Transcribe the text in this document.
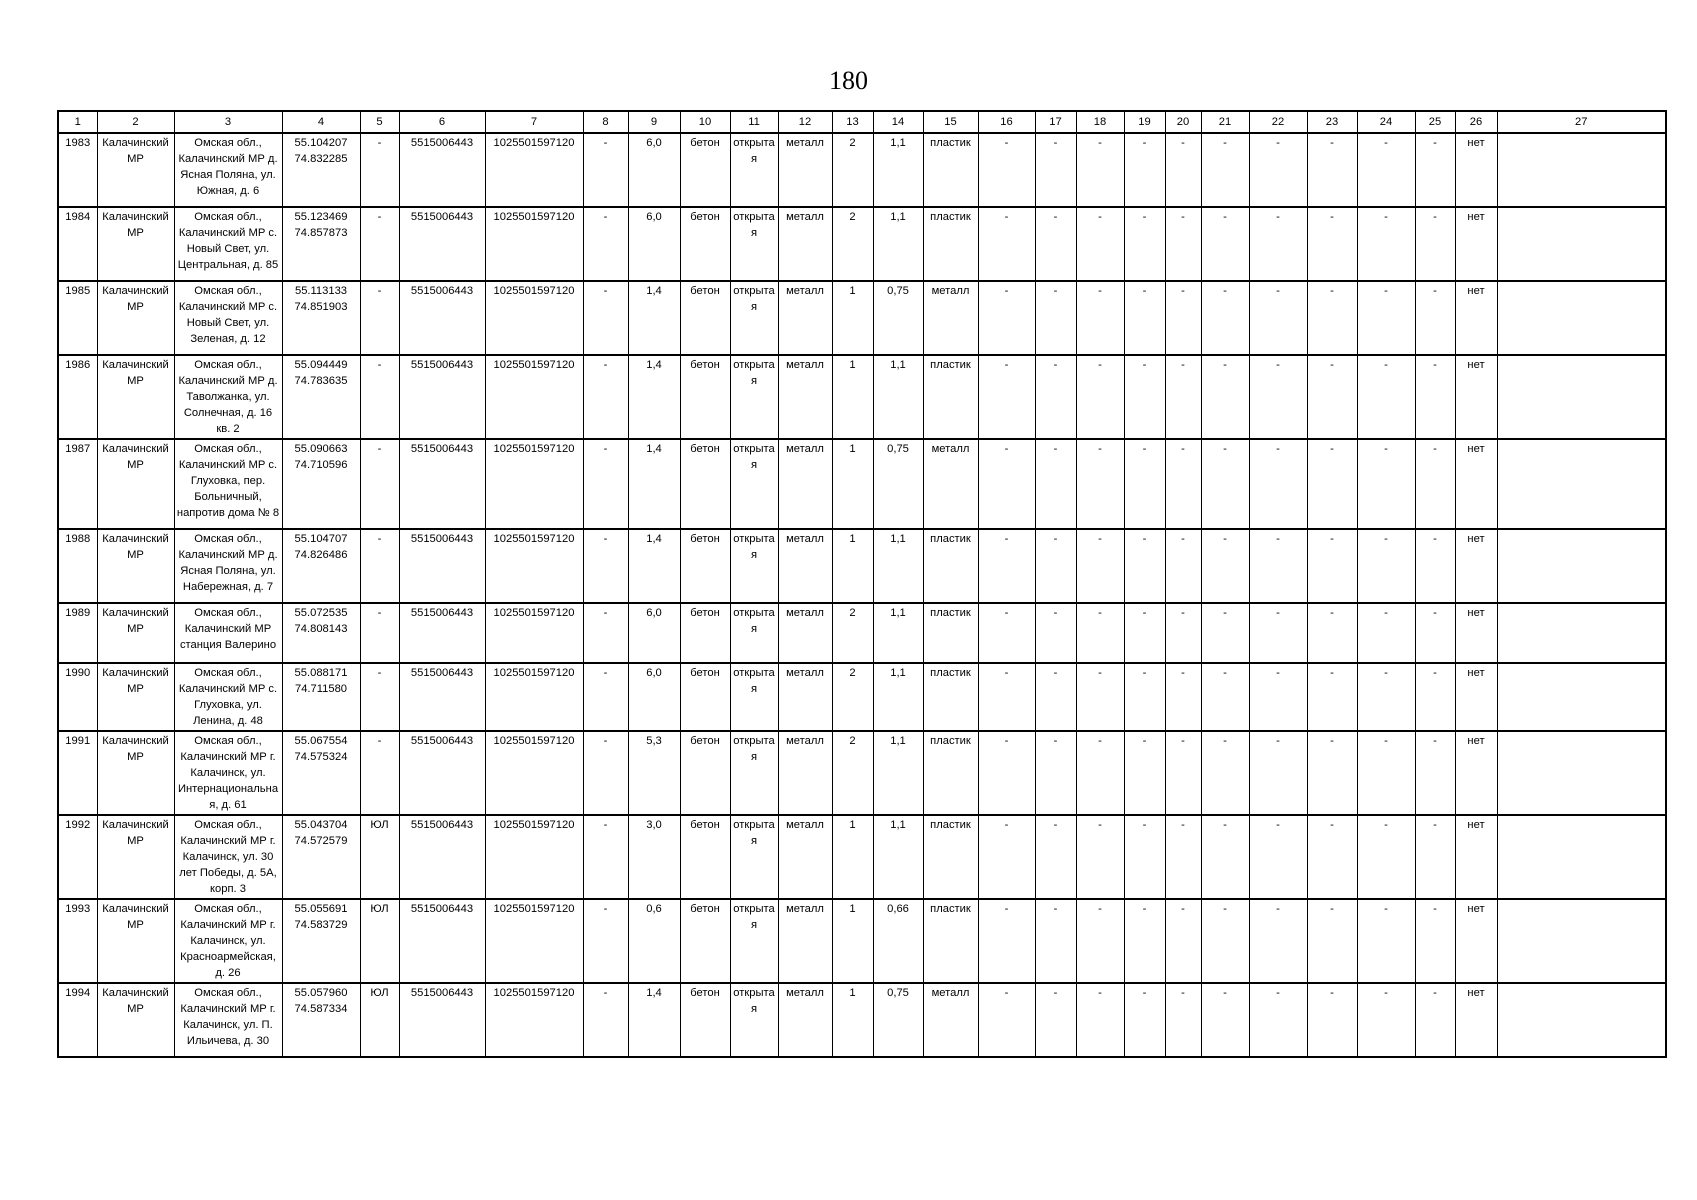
180
1	2	3	4	5	6	7	8	9	10	11	12	13	14	15	16	17	18	19	20	21	22	23	24	25	26	27
1983	Калачинский МР	Омская обл., Калачинский МР д. Ясная Поляна, ул. Южная, д. 6	55.104207 74.832285	-	5515006443	1025501597120	-	6,0	бетон	открытая	металл	2	1,1	пластик	-	-	-	-	-	-	-	-	-	-	нет	
1984	Калачинский МР	Омская обл., Калачинский МР с. Новый Свет, ул. Центральная, д. 85	55.123469 74.857873	-	5515006443	1025501597120	-	6,0	бетон	открытая	металл	2	1,1	пластик	-	-	-	-	-	-	-	-	-	-	нет	
1985	Калачинский МР	Омская обл., Калачинский МР с. Новый Свет, ул. Зеленая, д. 12	55.113133 74.851903	-	5515006443	1025501597120	-	1,4	бетон	открытая	металл	1	0,75	металл	-	-	-	-	-	-	-	-	-	-	нет	
1986	Калачинский МР	Омская обл., Калачинский МР д. Таволжанка, ул. Солнечная, д. 16 кв. 2	55.094449 74.783635	-	5515006443	1025501597120	-	1,4	бетон	открытая	металл	1	1,1	пластик	-	-	-	-	-	-	-	-	-	-	нет	
1987	Калачинский МР	Омская обл., Калачинский МР с. Глуховка, пер. Больничный, напротив дома № 8	55.090663 74.710596	-	5515006443	1025501597120	-	1,4	бетон	открытая	металл	1	0,75	металл	-	-	-	-	-	-	-	-	-	-	нет	
1988	Калачинский МР	Омская обл., Калачинский МР д. Ясная Поляна, ул. Набережная, д. 7	55.104707 74.826486	-	5515006443	1025501597120	-	1,4	бетон	открытая	металл	1	1,1	пластик	-	-	-	-	-	-	-	-	-	-	нет	
1989	Калачинский МР	Омская обл., Калачинский МР станция Валерино	55.072535 74.808143	-	5515006443	1025501597120	-	6,0	бетон	открытая	металл	2	1,1	пластик	-	-	-	-	-	-	-	-	-	-	нет	
1990	Калачинский МР	Омская обл., Калачинский МР с. Глуховка, ул. Ленина, д. 48	55.088171 74.711580	-	5515006443	1025501597120	-	6,0	бетон	открытая	металл	2	1,1	пластик	-	-	-	-	-	-	-	-	-	-	нет	
1991	Калачинский МР	Омская обл., Калачинский МР г. Калачинск, ул. Интернациональная, д. 61	55.067554 74.575324	-	5515006443	1025501597120	-	5,3	бетон	открытая	металл	2	1,1	пластик	-	-	-	-	-	-	-	-	-	-	нет	
1992	Калачинский МР	Омская обл., Калачинский МР г. Калачинск, ул. 30 лет Победы, д. 5А, корп. 3	55.043704 74.572579	ЮЛ	5515006443	1025501597120	-	3,0	бетон	открытая	металл	1	1,1	пластик	-	-	-	-	-	-	-	-	-	-	нет	
1993	Калачинский МР	Омская обл., Калачинский МР г. Калачинск, ул. Красноармейская, д. 26	55.055691 74.583729	ЮЛ	5515006443	1025501597120	-	0,6	бетон	открытая	металл	1	0,66	пластик	-	-	-	-	-	-	-	-	-	-	нет	
1994	Калачинский МР	Омская обл., Калачинский МР г. Калачинск, ул. П. Ильичева, д. 30	55.057960 74.587334	ЮЛ	5515006443	1025501597120	-	1,4	бетон	открытая	металл	1	0,75	металл	-	-	-	-	-	-	-	-	-	-	нет	
